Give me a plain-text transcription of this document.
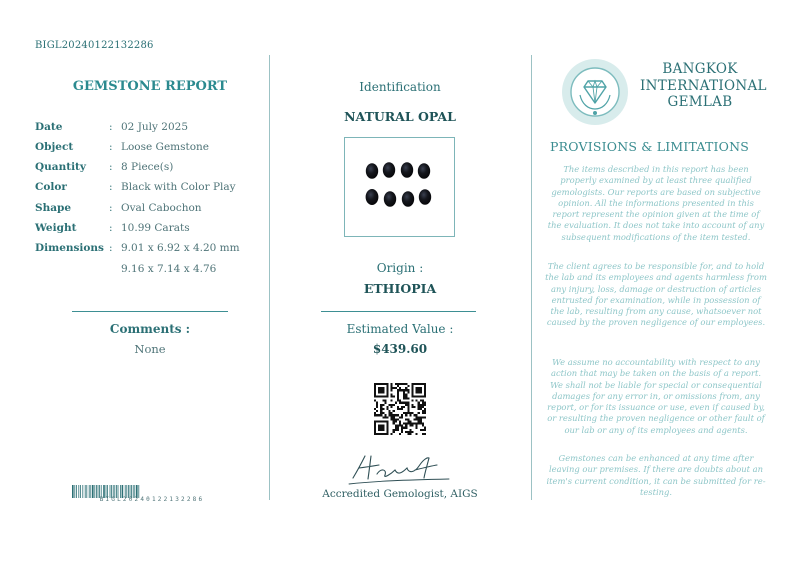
BIGL20240122132286
GEMSTONE REPORT
Date	: 02 July 2025
Object	: Loose Gemstone
Quantity	: 8 Piece(s)
Color	: Black with Color Play
Shape	: Oval Cabochon
Weight	: 10.99 Carats
Dimensions : 9.01 x 6.92 x 4.20 mm
9.16 x 7.14 x 4.76
Comments :
None
BIGL20240122132286
Identification
NATURAL OPAL
Origin :
ETHIOPIA
Estimated Value :
$439.60
Accredited Gemologist, AIGS
BANGKOK
INTERNATIONAL
GEMLAB
PROVISIONS & LIMITATIONS
The items described in this report has been properly examined by at least three qualified gemologists. Our reports are based on subjective opinion. All the informations presented in this report represent the opinion given at the time of the evaluation. It does not take into account of any subsequent modifications of the item tested.
The client agrees to be responsible for, and to hold the lab and its employees and agents harmless from any injury, loss, damage or destruction of articles entrusted for examination, while in possession of the lab, resulting from any cause, whatsoever not caused by the proven negligence of our employees.
We assume no accountability with respect to any action that may be taken on the basis of a report. We shall not be liable for special or consequential damages for any error in, or omissions from, any report, or for its issuance or use, even if caused by, or resulting the proven negligence or other fault of our lab or any of its employees and agents.
Gemstones can be enhanced at any time after leaving our premises. If there are doubts about an item's current condition, it can be submitted for re-testing.
